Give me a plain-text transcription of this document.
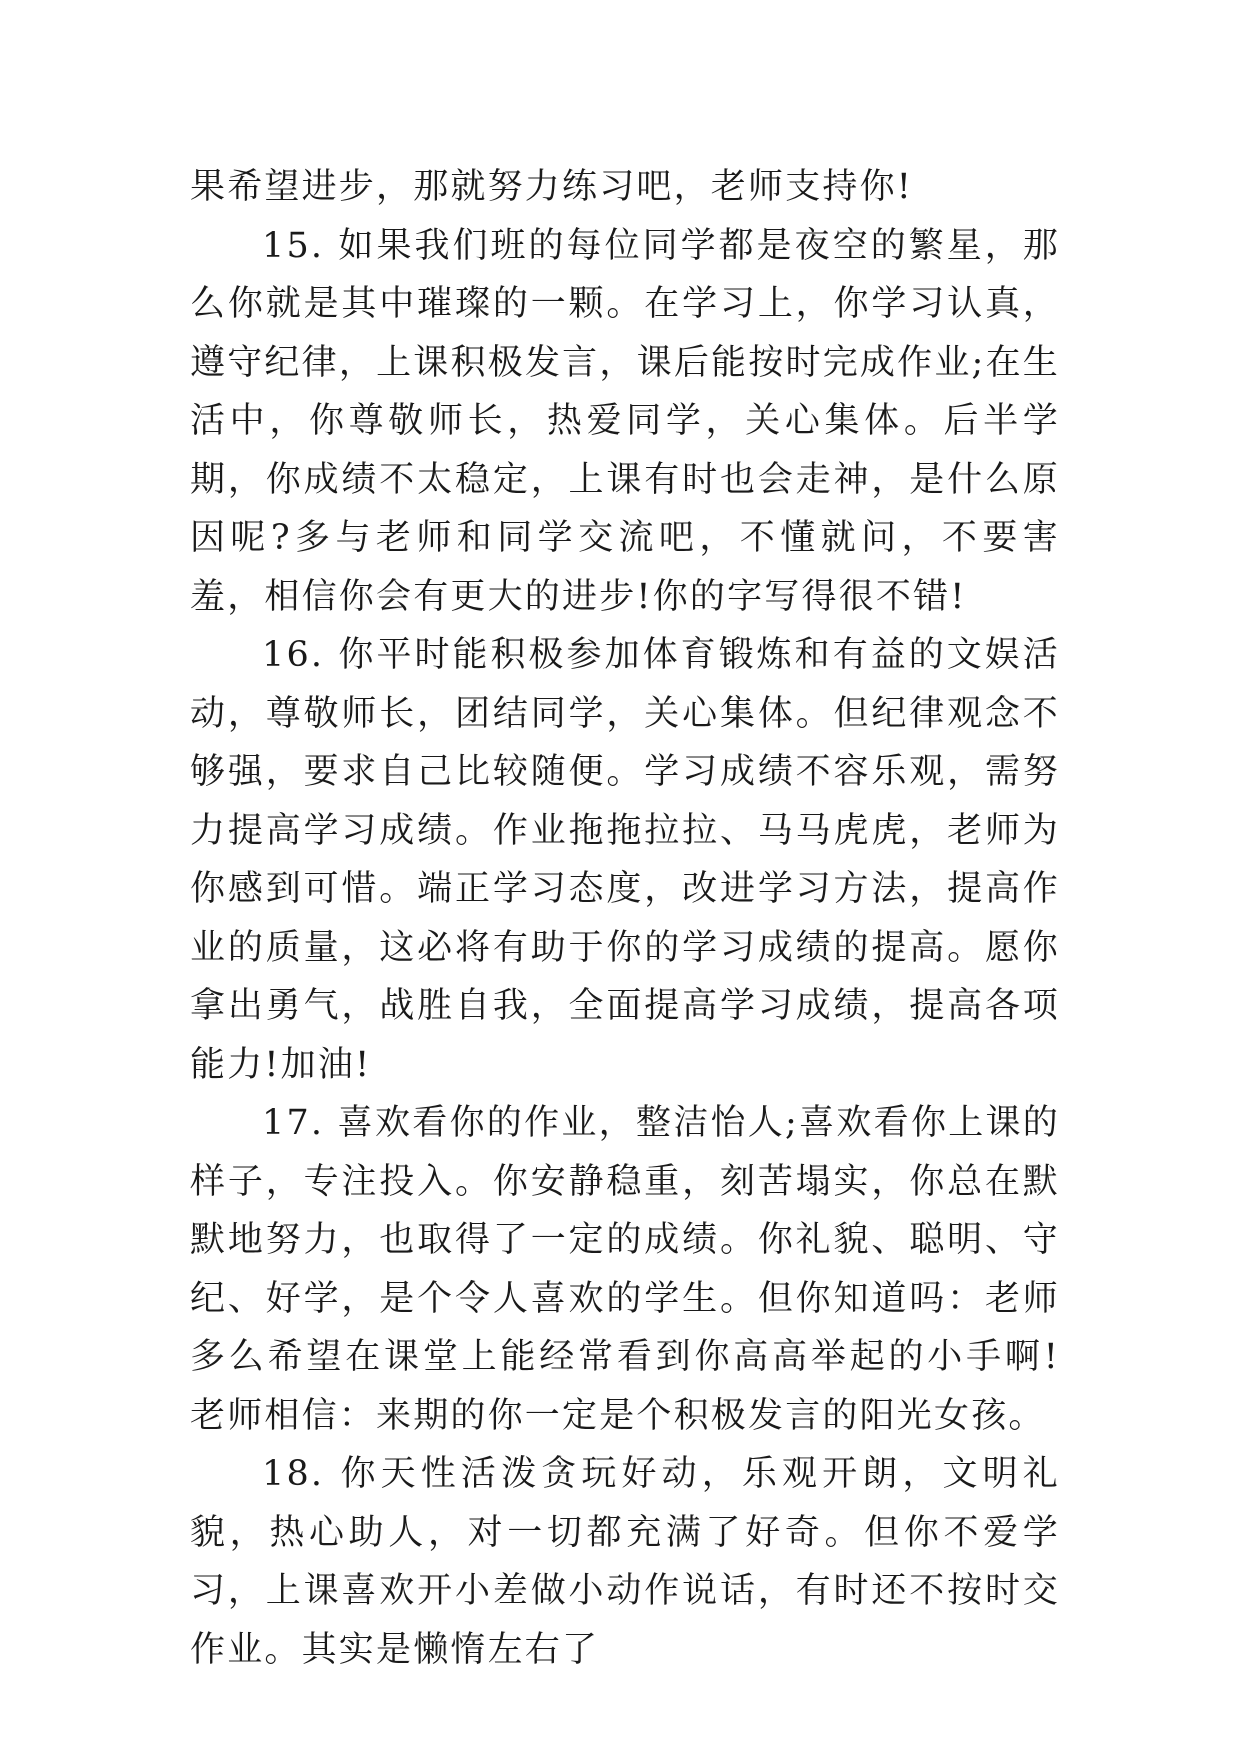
果希望进步，那就努力练习吧，老师支持你!

15. 如果我们班的每位同学都是夜空的繁星，那么你就是其中璀璨的一颗。在学习上，你学习认真，遵守纪律，上课积极发言，课后能按时完成作业;在生活中，你尊敬师长，热爱同学，关心集体。后半学期，你成绩不太稳定，上课有时也会走神，是什么原因呢?多与老师和同学交流吧，不懂就问，不要害羞，相信你会有更大的进步!你的字写得很不错!

16. 你平时能积极参加体育锻炼和有益的文娱活动，尊敬师长，团结同学，关心集体。但纪律观念不够强，要求自己比较随便。学习成绩不容乐观，需努力提高学习成绩。作业拖拖拉拉、马马虎虎，老师为你感到可惜。端正学习态度，改进学习方法，提高作业的质量，这必将有助于你的学习成绩的提高。愿你拿出勇气，战胜自我，全面提高学习成绩，提高各项能力!加油!

17. 喜欢看你的作业，整洁怡人;喜欢看你上课的样子，专注投入。你安静稳重，刻苦塌实，你总在默默地努力，也取得了一定的成绩。你礼貌、聪明、守纪、好学，是个令人喜欢的学生。但你知道吗：老师多么希望在课堂上能经常看到你高高举起的小手啊!老师相信：来期的你一定是个积极发言的阳光女孩。

18. 你天性活泼贪玩好动，乐观开朗，文明礼貌，热心助人，对一切都充满了好奇。但你不爱学习，上课喜欢开小差做小动作说话，有时还不按时交作业。其实是懒惰左右了
